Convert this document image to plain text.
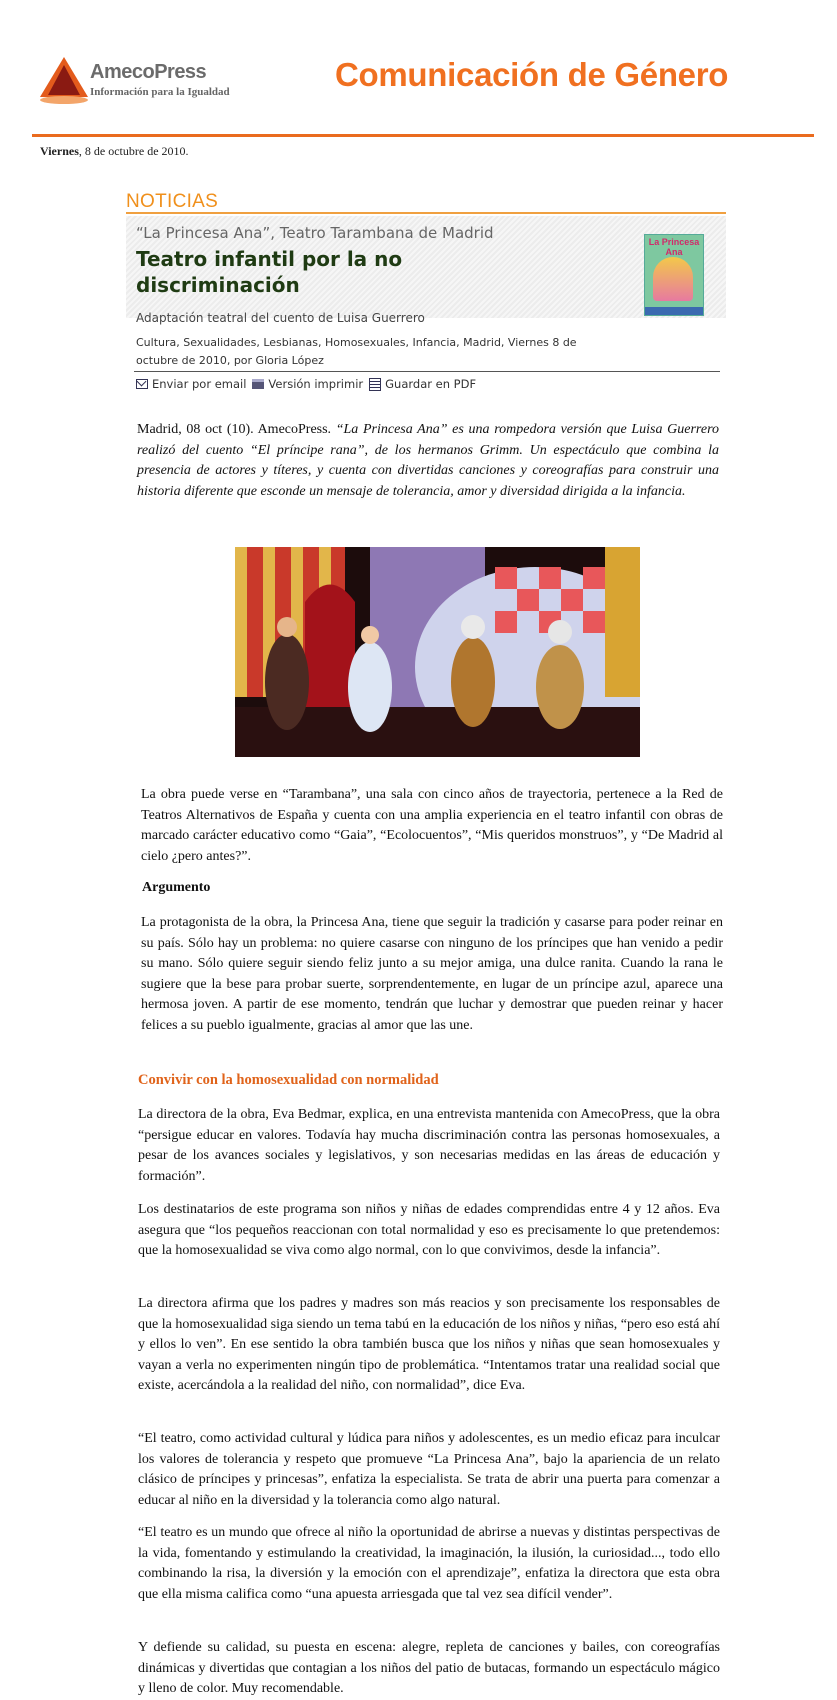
AmecoPress
Información para la Igualdad	Comunicación de Género
Viernes, 8 de octubre de 2010.
NOTICIAS
“La Princesa Ana”, Teatro Tarambana de Madrid
Teatro infantil por la no discriminación
La Princesa Ana
Adaptación teatral del cuento de Luisa Guerrero
Cultura, Sexualidades, Lesbianas, Homosexuales, Infancia, Madrid, Viernes 8 de octubre de 2010, por Gloria López
Enviar por email Versión imprimir Guardar en PDF
Madrid, 08 oct (10). AmecoPress. “La Princesa Ana” es una rompedora versión que Luisa Guerrero realizó del cuento “El príncipe rana”, de los hermanos Grimm. Un espectáculo que combina la presencia de actores y títeres, y cuenta con divertidas canciones y coreografías para construir una historia diferente que esconde un mensaje de tolerancia, amor y diversidad dirigida a la infancia.

La obra puede verse en “Tarambana”, una sala con cinco años de trayectoria, pertenece a la Red de Teatros Alternativos de España y cuenta con una amplia experiencia en el teatro infantil con obras de marcado carácter educativo como “Gaia”, “Ecolocuentos”, “Mis queridos monstruos”, y “De Madrid al cielo ¿pero antes?”.

Argumento

La protagonista de la obra, la Princesa Ana, tiene que seguir la tradición y casarse para poder reinar en su país. Sólo hay un problema: no quiere casarse con ninguno de los príncipes que han venido a pedir su mano. Sólo quiere seguir siendo feliz junto a su mejor amiga, una dulce ranita. Cuando la rana le sugiere que la bese para probar suerte, sorprendentemente, en lugar de un príncipe azul, aparece una hermosa joven. A partir de ese momento, tendrán que luchar y demostrar que pueden reinar y hacer felices a su pueblo igualmente, gracias al amor que las une.

Convivir con la homosexualidad con normalidad

La directora de la obra, Eva Bedmar, explica, en una entrevista mantenida con AmecoPress, que la obra “persigue educar en valores. Todavía hay mucha discriminación contra las personas homosexuales, a pesar de los avances sociales y legislativos, y son necesarias medidas en las áreas de educación y formación”.

Los destinatarios de este programa son niños y niñas de edades comprendidas entre 4 y 12 años. Eva asegura que “los pequeños reaccionan con total normalidad y eso es precisamente lo que pretendemos: que la homosexualidad se viva como algo normal, con lo que convivimos, desde la infancia”.

La directora afirma que los padres y madres son más reacios y son precisamente los responsables de que la homosexualidad siga siendo un tema tabú en la educación de los niños y niñas, “pero eso está ahí y ellos lo ven”. En ese sentido la obra también busca que los niños y niñas que sean homosexuales y vayan a verla no experimenten ningún tipo de problemática. “Intentamos tratar una realidad social que existe, acercándola a la realidad del niño, con normalidad”, dice Eva.

“El teatro, como actividad cultural y lúdica para niños y adolescentes, es un medio eficaz para inculcar los valores de tolerancia y respeto que promueve “La Princesa Ana”, bajo la apariencia de un relato clásico de príncipes y princesas”, enfatiza la especialista. Se trata de abrir una puerta para comenzar a educar al niño en la diversidad y la tolerancia como algo natural.

“El teatro es un mundo que ofrece al niño la oportunidad de abrirse a nuevas y distintas perspectivas de la vida, fomentando y estimulando la creatividad, la imaginación, la ilusión, la curiosidad..., todo ello combinando la risa, la diversión y la emoción con el aprendizaje”, enfatiza la directora que esta obra que ella misma califica como “una apuesta arriesgada que tal vez sea difícil vender”.

Y defiende su calidad, su puesta en escena: alegre, repleta de canciones y bailes, con coreografías dinámicas y divertidas que contagian a los niños del patio de butacas, formando un espectáculo mágico y lleno de color. Muy recomendable.
